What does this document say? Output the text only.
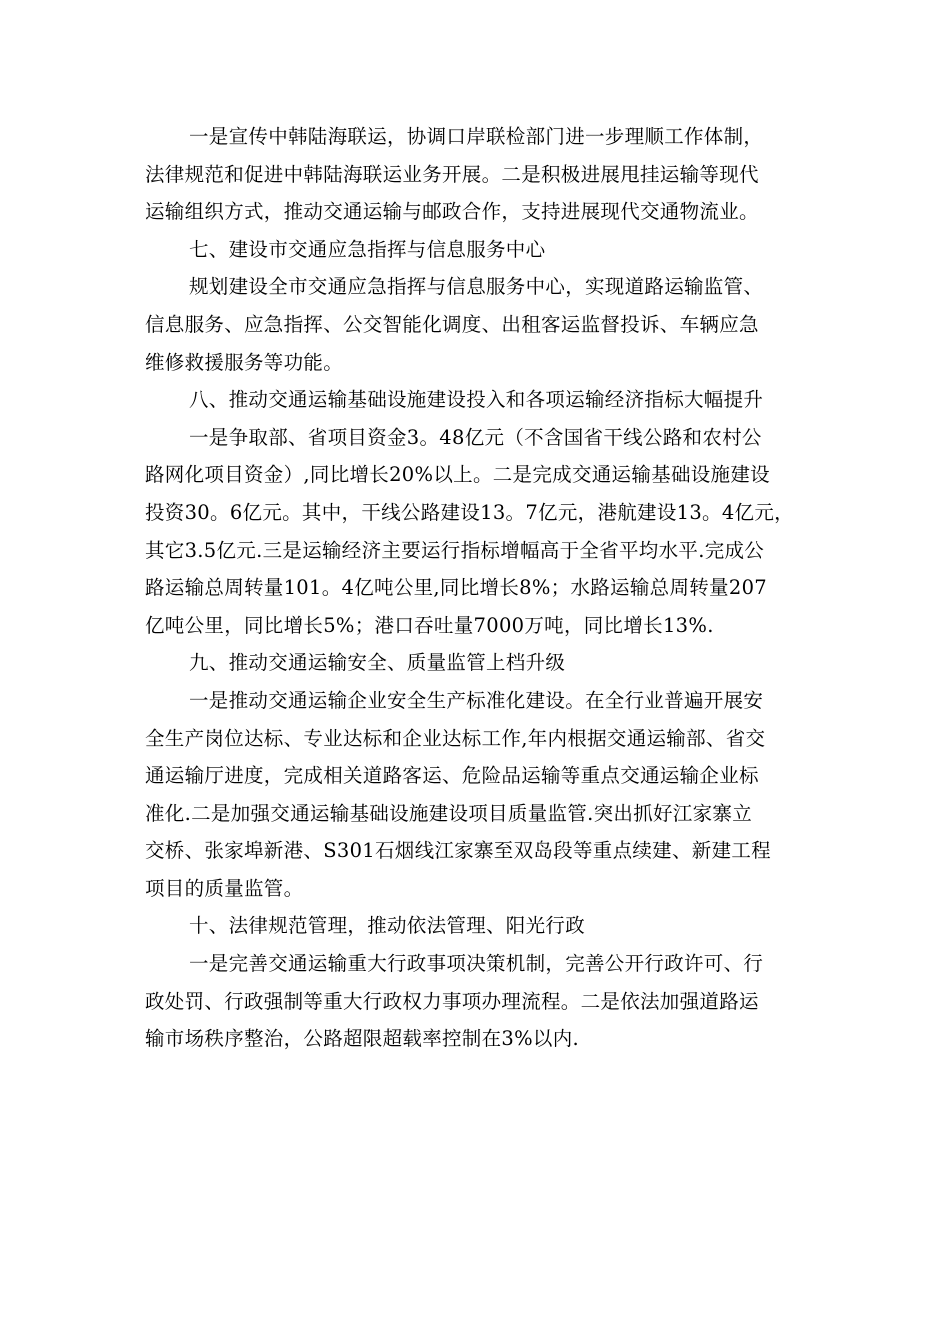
一是宣传中韩陆海联运，协调口岸联检部门进一步理顺工作体制，
法律规范和促进中韩陆海联运业务开展。二是积极进展甩挂运输等现代
运输组织方式，推动交通运输与邮政合作，支持进展现代交通物流业。
七、建设市交通应急指挥与信息服务中心
规划建设全市交通应急指挥与信息服务中心，实现道路运输监管、
信息服务、应急指挥、公交智能化调度、出租客运监督投诉、车辆应急
维修救援服务等功能。
八、推动交通运输基础设施建设投入和各项运输经济指标大幅提升
一是争取部、省项目资金3。48亿元（不含国省干线公路和农村公
路网化项目资金）,同比增长20%以上。二是完成交通运输基础设施建设
投资30。6亿元。其中，干线公路建设13。7亿元，港航建设13。4亿元，
其它3.5亿元.三是运输经济主要运行指标增幅高于全省平均水平.完成公
路运输总周转量101。4亿吨公里,同比增长8%；水路运输总周转量207
亿吨公里，同比增长5%；港口吞吐量7000万吨，同比增长13%.
九、推动交通运输安全、质量监管上档升级
一是推动交通运输企业安全生产标准化建设。在全行业普遍开展安
全生产岗位达标、专业达标和企业达标工作,年内根据交通运输部、省交
通运输厅进度，完成相关道路客运、危险品运输等重点交通运输企业标
准化.二是加强交通运输基础设施建设项目质量监管.突出抓好江家寨立
交桥、张家埠新港、S301石烟线江家寨至双岛段等重点续建、新建工程
项目的质量监管。
十、法律规范管理，推动依法管理、阳光行政
一是完善交通运输重大行政事项决策机制，完善公开行政许可、行
政处罚、行政强制等重大行政权力事项办理流程。二是依法加强道路运
输市场秩序整治，公路超限超载率控制在3%以内.
